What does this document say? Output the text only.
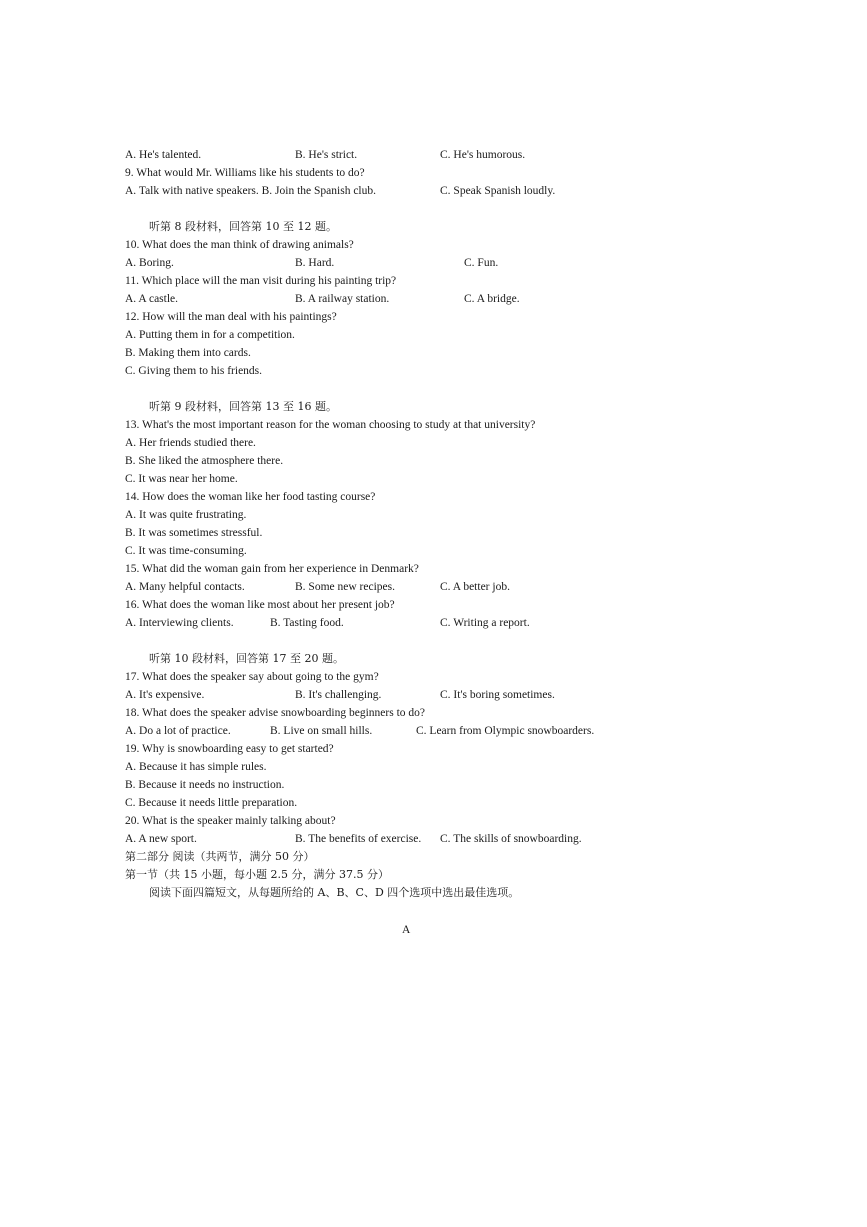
A. He's talented.	B. He's strict.	C. He's humorous.
9. What would Mr. Williams like his students to do?
A. Talk with native speakers. B. Join the Spanish club.	C. Speak Spanish loudly.
听第 8 段材料，回答第 10 至 12 题。
10. What does the man think of drawing animals?
A. Boring.	B. Hard.	C. Fun.
11. Which place will the man visit during his painting trip?
A. A castle.	B. A railway station.	C. A bridge.
12. How will the man deal with his paintings?
A. Putting them in for a competition.
B. Making them into cards.
C. Giving them to his friends.
听第 9 段材料，回答第 13 至 16 题。
13. What's the most important reason for the woman choosing to study at that university?
A. Her friends studied there.
B. She liked the atmosphere there.
C. It was near her home.
14. How does the woman like her food tasting course?
A. It was quite frustrating.
B. It was sometimes stressful.
C. It was time-consuming.
15. What did the woman gain from her experience in Denmark?
A. Many helpful contacts.	B. Some new recipes.	C. A better job.
16. What does the woman like most about her present job?
A. Interviewing clients.	B. Tasting food.	C. Writing a report.
听第 10 段材料，回答第 17 至 20 题。
17. What does the speaker say about going to the gym?
A. It's expensive.	B. It's challenging.	C. It's boring sometimes.
18. What does the speaker advise snowboarding beginners to do?
A. Do a lot of practice.	B. Live on small hills.	C. Learn from Olympic snowboarders.
19. Why is snowboarding easy to get started?
A. Because it has simple rules.
B. Because it needs no instruction.
C. Because it needs little preparation.
20. What is the speaker mainly talking about?
A. A new sport.	B. The benefits of exercise. C. The skills of snowboarding.
第二部分 阅读（共两节，满分 50 分）
第一节（共 15 小题，每小题 2.5 分，满分 37.5 分）
阅读下面四篇短文，从每题所给的 A、B、C、D 四个选项中选出最佳选项。
A
